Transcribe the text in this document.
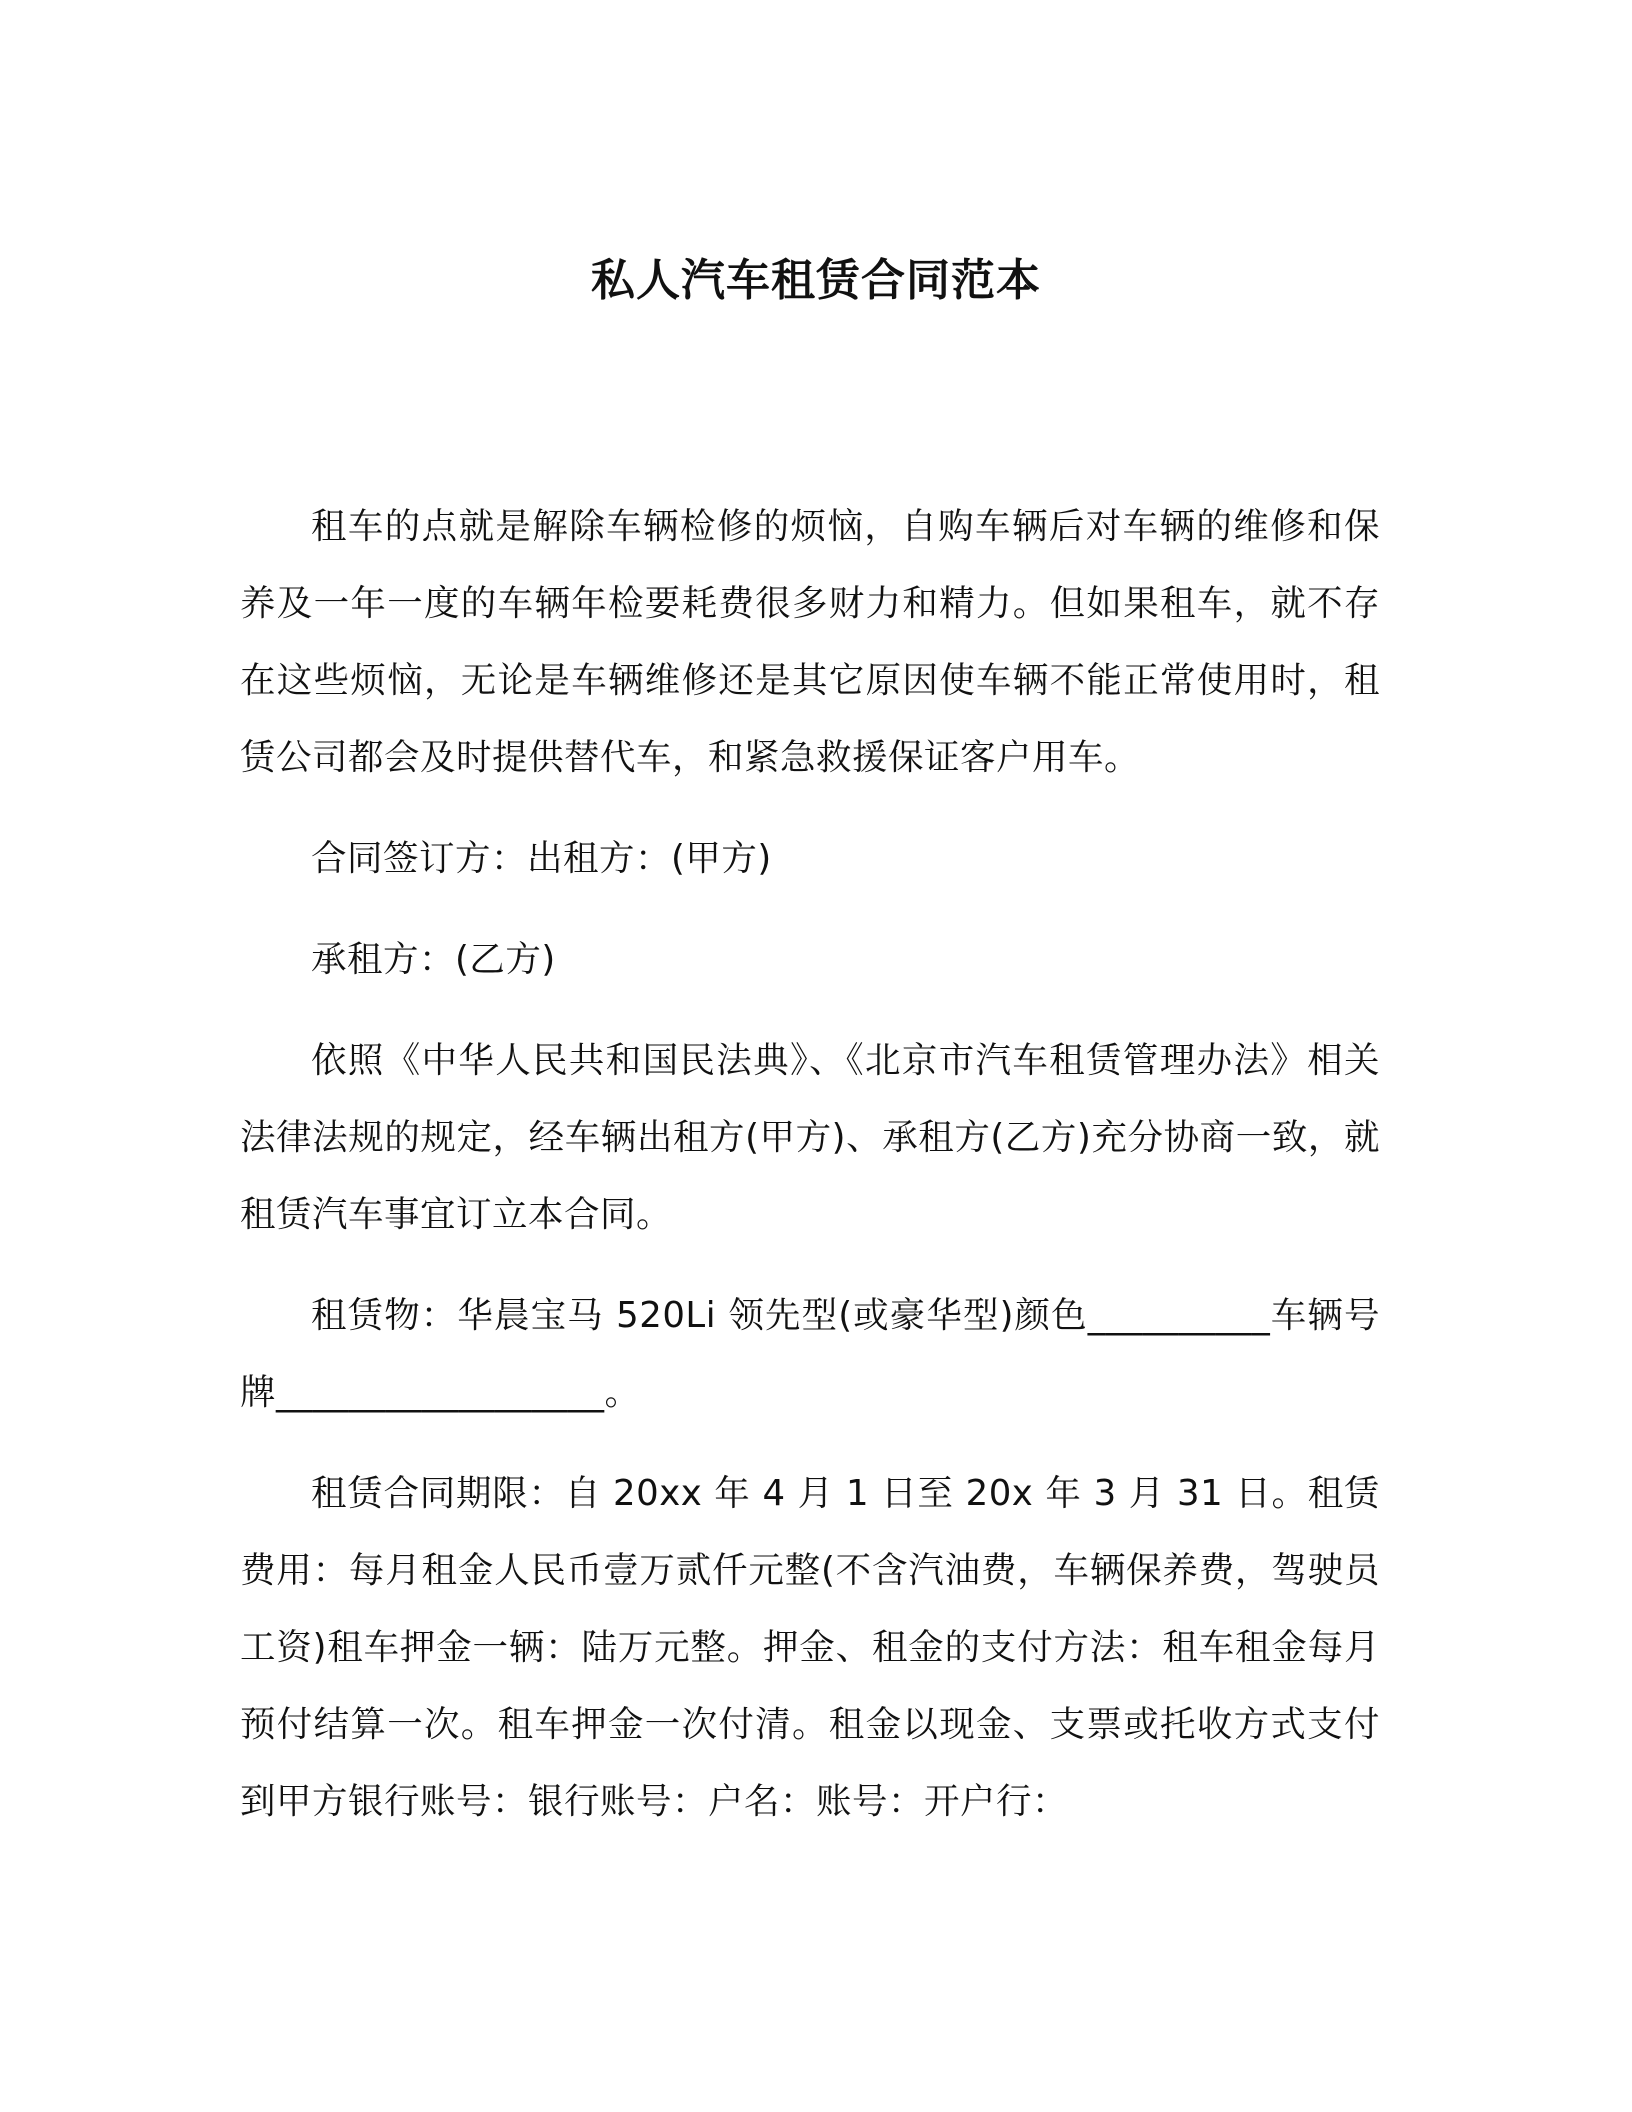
私人汽车租赁合同范本

租车的点就是解除车辆检修的烦恼，自购车辆后对车辆的维修和保养及一年一度的车辆年检要耗费很多财力和精力。但如果租车，就不存在这些烦恼，无论是车辆维修还是其它原因使车辆不能正常使用时，租赁公司都会及时提供替代车，和紧急救援保证客户用车。

合同签订方：出租方：(甲方)

承租方：(乙方)

依照《中华人民共和国民法典》、《北京市汽车租赁管理办法》相关法律法规的规定，经车辆出租方(甲方)、承租方(乙方)充分协商一致，就租赁汽车事宜订立本合同。

租赁物：华晨宝马 520Li 领先型(或豪华型)颜色__________车辆号牌__________________。

租赁合同期限：自 20xx 年 4 月 1 日至 20x 年 3 月 31 日。租赁费用：每月租金人民币壹万贰仟元整(不含汽油费，车辆保养费，驾驶员工资)租车押金一辆：陆万元整。押金、租金的支付方法：租车租金每月预付结算一次。租车押金一次付清。租金以现金、支票或托收方式支付到甲方银行账号：银行账号：户名：账号：开户行：
